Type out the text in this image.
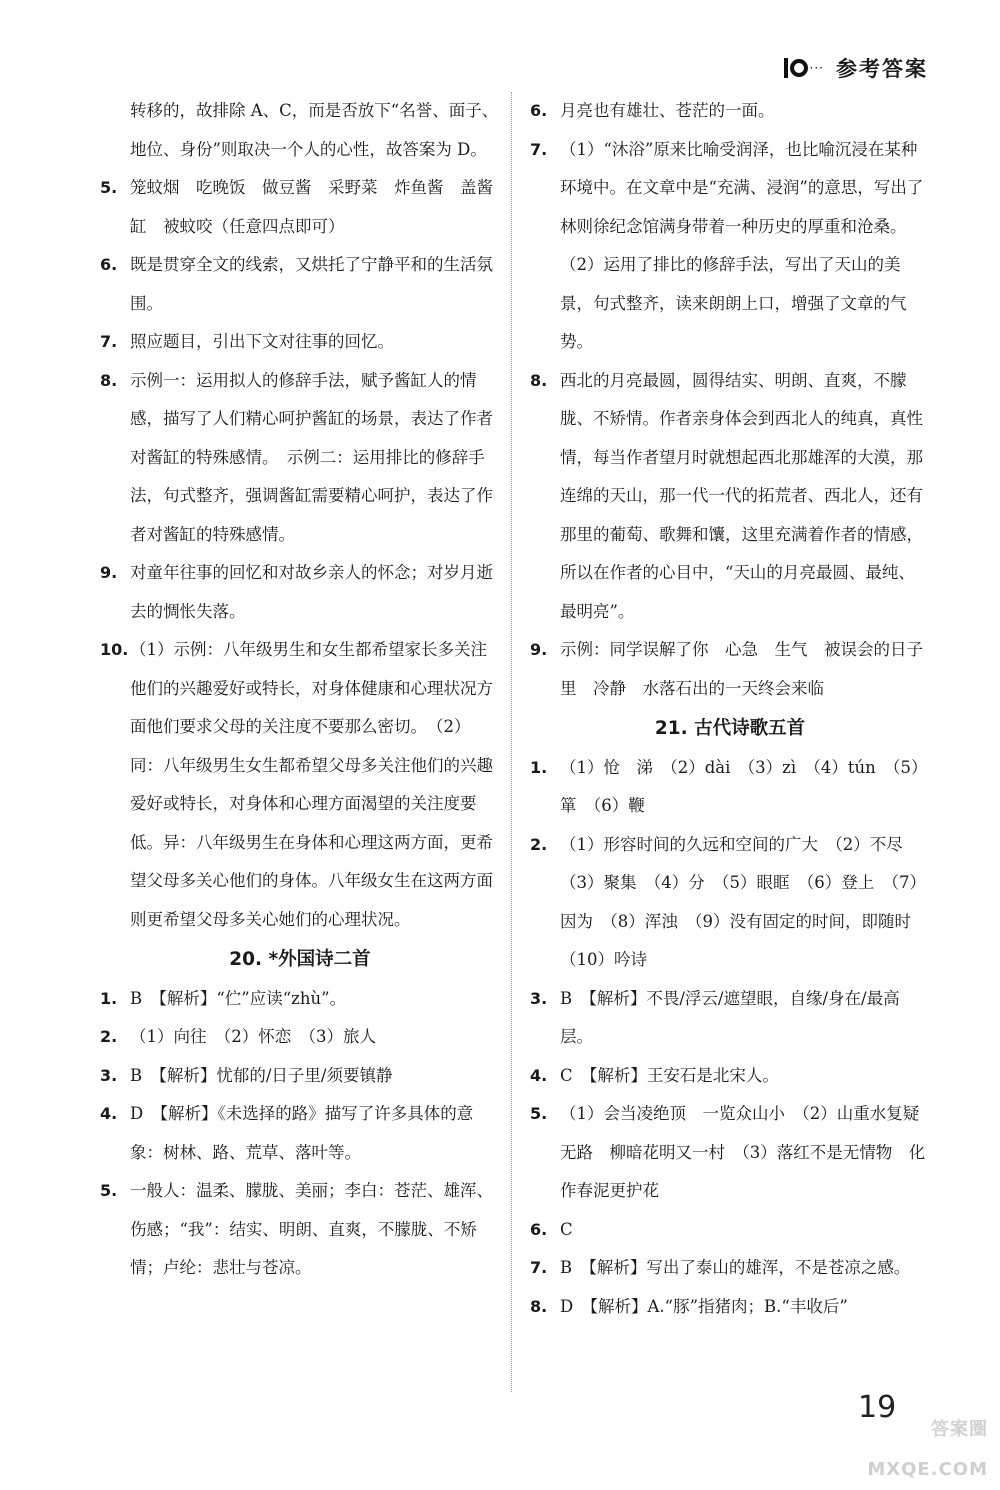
··· 参考答案
转移的，故排除 A、C，而是否放下“名誉、面子、地位、身份”则取决一个人的心性，故答案为 D。
5. 笼蚊烟　吃晚饭　做豆酱　采野菜　炸鱼酱　盖酱缸　被蚊咬（任意四点即可）
6. 既是贯穿全文的线索，又烘托了宁静平和的生活氛围。
7. 照应题目，引出下文对往事的回忆。
8. 示例一：运用拟人的修辞手法，赋予酱缸人的情感，描写了人们精心呵护酱缸的场景，表达了作者对酱缸的特殊感情。　示例二：运用排比的修辞手法，句式整齐，强调酱缸需要精心呵护，表达了作者对酱缸的特殊感情。
9. 对童年往事的回忆和对故乡亲人的怀念；对岁月逝去的惆怅失落。
10. （1）示例：八年级男生和女生都希望家长多关注他们的兴趣爱好或特长，对身体健康和心理状况方面他们要求父母的关注度不要那么密切。　（2）同：八年级男生女生都希望父母多关注他们的兴趣爱好或特长，对身体和心理方面渴望的关注度要低。异：八年级男生在身体和心理这两方面，更希望父母多关心他们的身体。八年级女生在这两方面则更希望父母多关心她们的心理状况。
20. *外国诗二首
1. B　【解析】“伫”应读“zhù”。
2. （1）向往　（2）怀恋　（3）旅人
3. B　【解析】忧郁的/日子里/须要镇静
4. D　【解析】《未选择的路》描写了许多具体的意象：树林、路、荒草、落叶等。
5. 一般人：温柔、朦胧、美丽；李白：苍茫、雄浑、伤感；“我”：结实、明朗、直爽，不朦胧、不矫情；卢纶：悲壮与苍凉。
6. 月亮也有雄壮、苍茫的一面。
7. （1）“沐浴”原来比喻受润泽，也比喻沉浸在某种环境中。在文章中是“充满、浸润”的意思，写出了林则徐纪念馆满身带着一种历史的厚重和沧桑。　（2）运用了排比的修辞手法，写出了天山的美景，句式整齐，读来朗朗上口，增强了文章的气势。
8. 西北的月亮最圆，圆得结实、明朗、直爽，不朦胧、不矫情。作者亲身体会到西北人的纯真，真性情，每当作者望月时就想起西北那雄浑的大漠，那连绵的天山，那一代一代的拓荒者、西北人，还有那里的葡萄、歌舞和馕，这里充满着作者的情感，所以在作者的心目中，“天山的月亮最圆、最纯、最明亮”。
9. 示例：同学误解了你　心急　生气　被误会的日子里　冷静　水落石出的一天终会来临
21. 古代诗歌五首
1. （1）怆　涕　（2）dài　（3）zì　（4）tún　（5）箪　（6）鞭
2. （1）形容时间的久远和空间的广大　（2）不尽　（3）聚集　（4）分　（5）眼眶　（6）登上　（7）因为　（8）浑浊　（9）没有固定的时间，即随时　（10）吟诗
3. B　【解析】不畏/浮云/遮望眼，自缘/身在/最高层。
4. C　【解析】王安石是北宋人。
5. （1）会当凌绝顶　一览众山小　（2）山重水复疑无路　柳暗花明又一村　（3）落红不是无情物　化作春泥更护花
6. C
7. B　【解析】写出了泰山的雄浑，不是苍凉之感。
8. D　【解析】A.“豚”指猪肉；B.“丰收后”
19
答案圈
MXQE.COM
